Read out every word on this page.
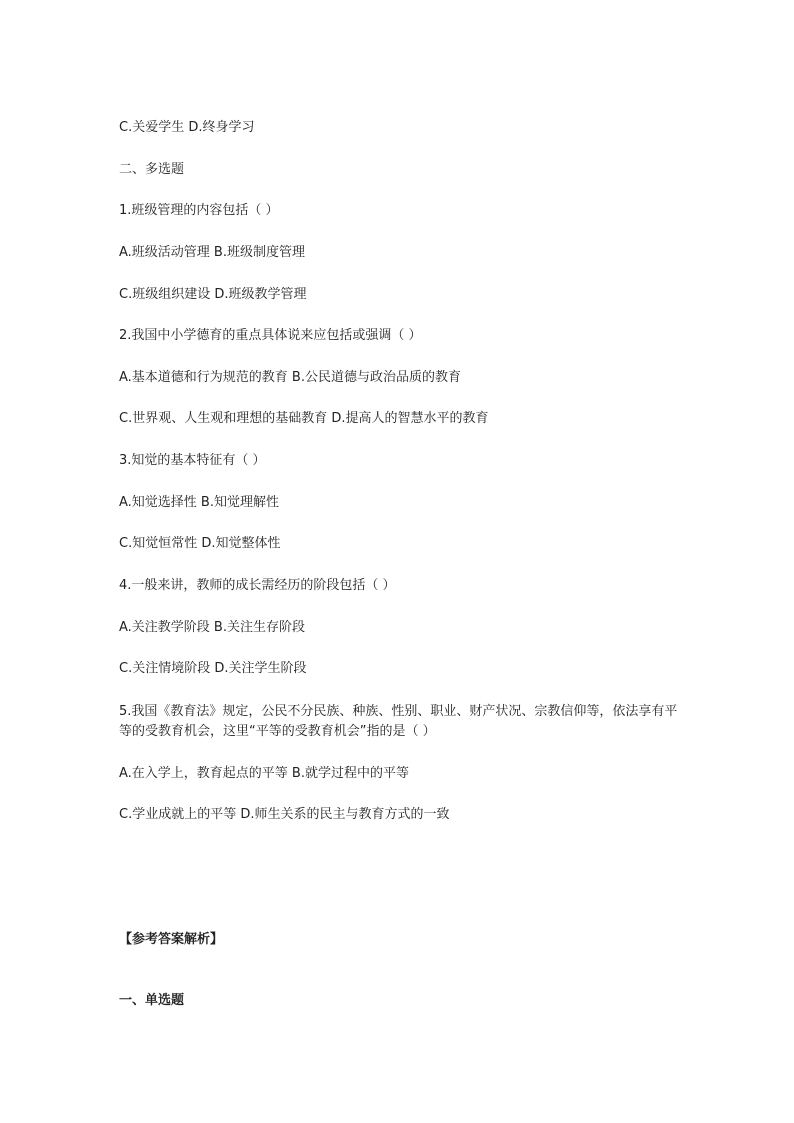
C.关爱学生 D.终身学习
二、多选题
1.班级管理的内容包括（ ）
A.班级活动管理 B.班级制度管理
C.班级组织建设 D.班级教学管理
2.我国中小学德育的重点具体说来应包括或强调（ ）
A.基本道德和行为规范的教育 B.公民道德与政治品质的教育
C.世界观、人生观和理想的基础教育 D.提高人的智慧水平的教育
3.知觉的基本特征有（ ）
A.知觉选择性 B.知觉理解性
C.知觉恒常性 D.知觉整体性
4.一般来讲，教师的成长需经历的阶段包括（ ）
A.关注教学阶段 B.关注生存阶段
C.关注情境阶段 D.关注学生阶段
5.我国《教育法》规定，公民不分民族、种族、性别、职业、财产状况、宗教信仰等，依法享有平等的受教育机会，这里“平等的受教育机会”指的是（ ）
A.在入学上，教育起点的平等 B.就学过程中的平等
C.学业成就上的平等 D.师生关系的民主与教育方式的一致
【参考答案解析】
一、单选题
